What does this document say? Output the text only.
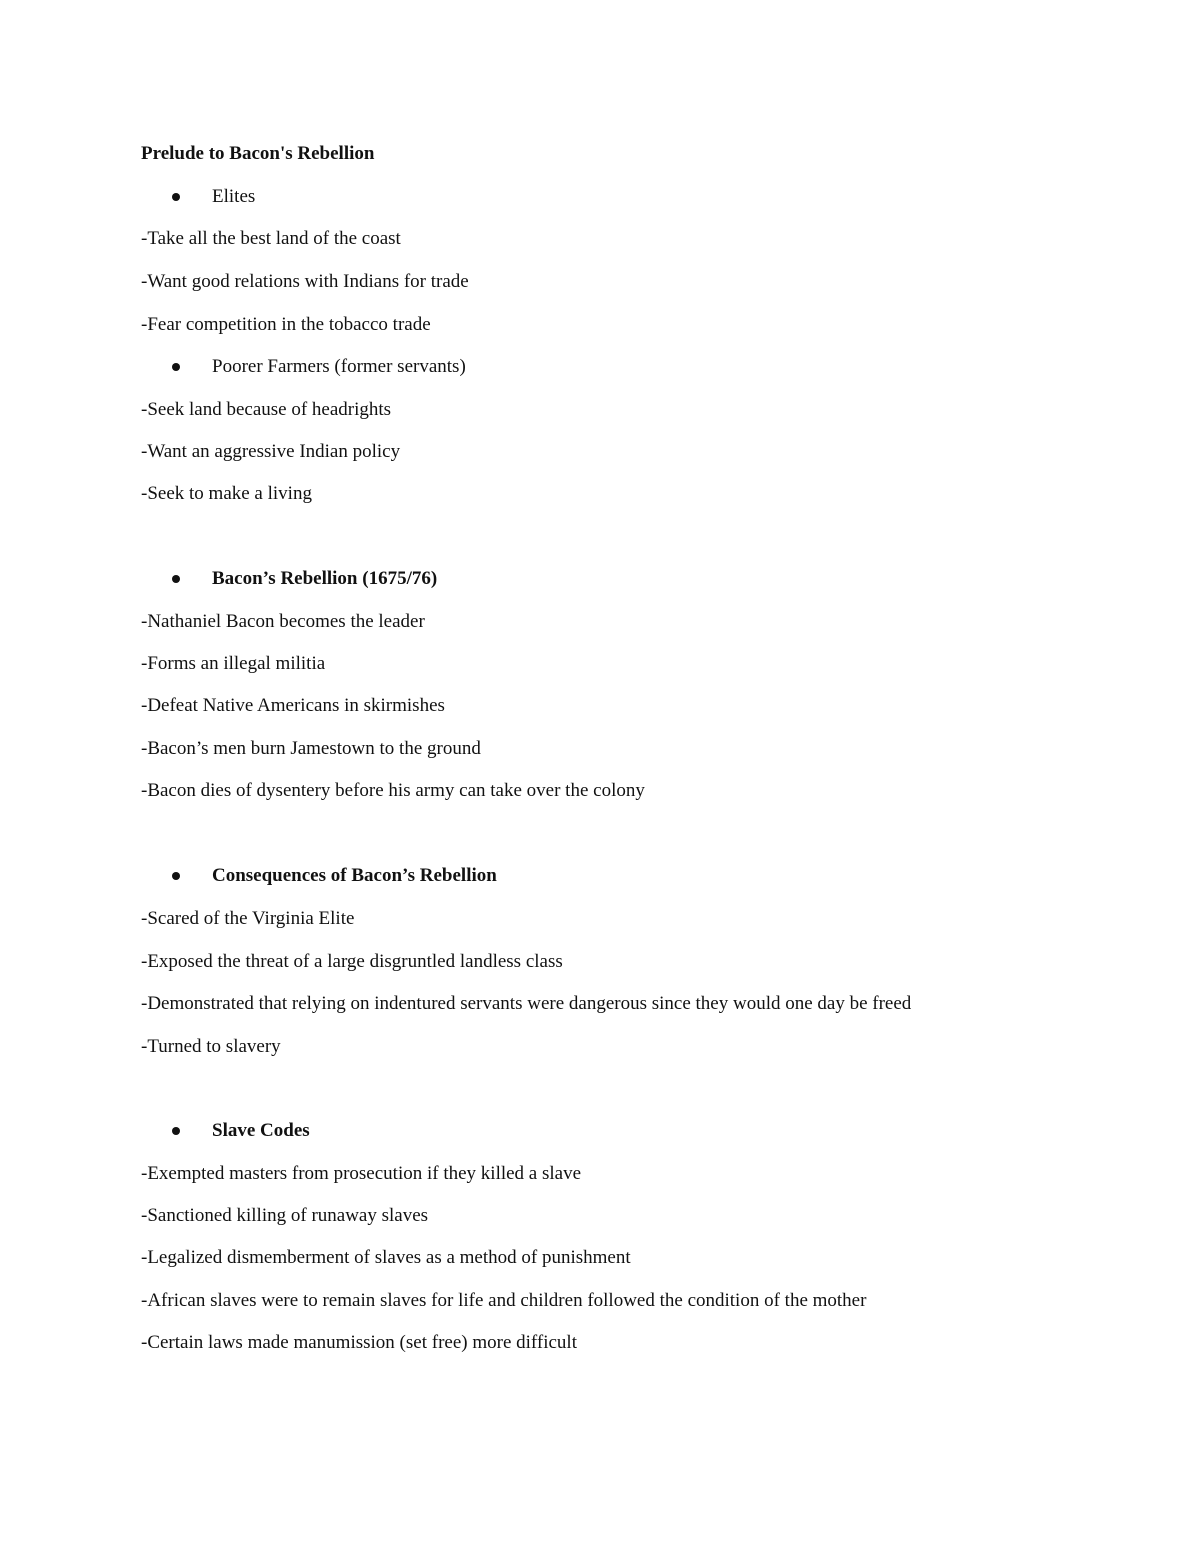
Prelude to Bacon's Rebellion
Elites
-Take all the best land of the coast
-Want good relations with Indians for trade
-Fear competition in the tobacco trade
Poorer Farmers (former servants)
-Seek land because of headrights
-Want an aggressive Indian policy
-Seek to make a living
Bacon’s Rebellion (1675/76)
-Nathaniel Bacon becomes the leader
-Forms an illegal militia
-Defeat Native Americans in skirmishes
-Bacon’s men burn Jamestown to the ground
-Bacon dies of dysentery before his army can take over the colony
Consequences of Bacon’s Rebellion
-Scared of the Virginia Elite
-Exposed the threat of a large disgruntled landless class
-Demonstrated that relying on indentured servants were dangerous since they would one day be freed
-Turned to slavery
Slave Codes
-Exempted masters from prosecution if they killed a slave
-Sanctioned killing of runaway slaves
-Legalized dismemberment of slaves as a method of punishment
-African slaves were to remain slaves for life and children followed the condition of the mother
-Certain laws made manumission (set free) more difficult
